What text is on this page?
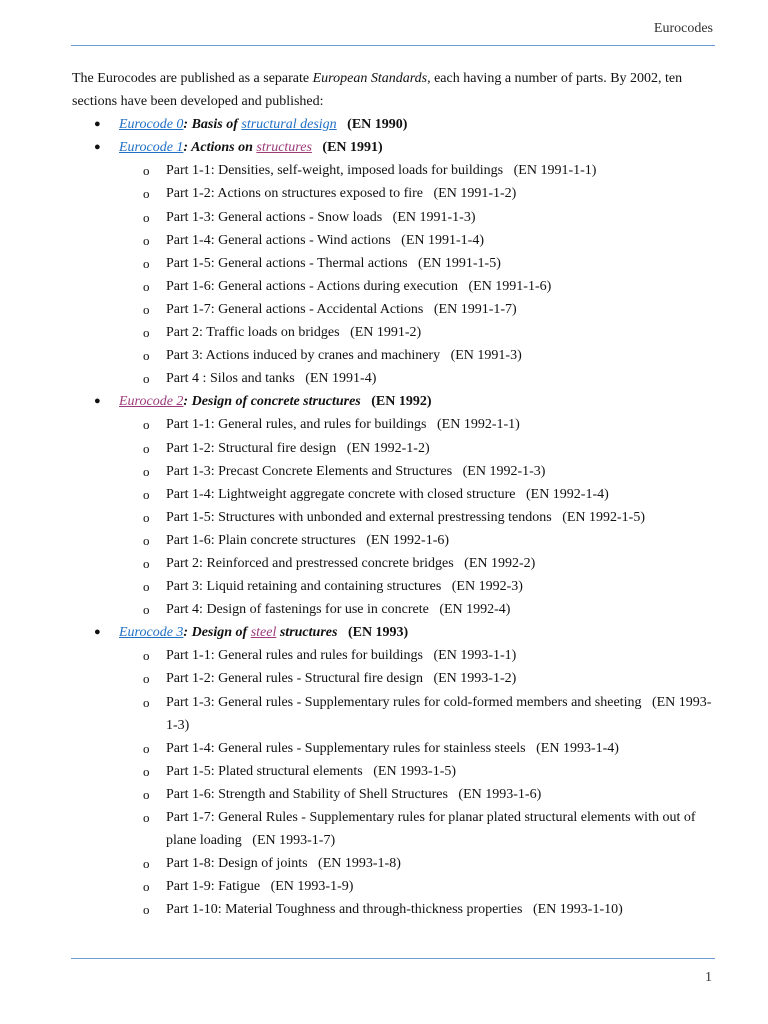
Eurocodes

The Eurocodes are published as a separate European Standards, each having a number of parts. By 2002, ten sections have been developed and published:

● Eurocode 0: Basis of structural design (EN 1990)
● Eurocode 1: Actions on structures (EN 1991)
o Part 1-1: Densities, self-weight, imposed loads for buildings   (EN 1991-1-1)
o Part 1-2: Actions on structures exposed to fire   (EN 1991-1-2)
o Part 1-3: General actions - Snow loads   (EN 1991-1-3)
o Part 1-4: General actions - Wind actions   (EN 1991-1-4)
o Part 1-5: General actions - Thermal actions   (EN 1991-1-5)
o Part 1-6: General actions - Actions during execution   (EN 1991-1-6)
o Part 1-7: General actions - Accidental Actions   (EN 1991-1-7)
o Part 2: Traffic loads on bridges   (EN 1991-2)
o Part 3: Actions induced by cranes and machinery   (EN 1991-3)
o Part 4 : Silos and tanks   (EN 1991-4)
● Eurocode 2: Design of concrete structures (EN 1992)
o Part 1-1: General rules, and rules for buildings   (EN 1992-1-1)
o Part 1-2: Structural fire design   (EN 1992-1-2)
o Part 1-3: Precast Concrete Elements and Structures   (EN 1992-1-3)
o Part 1-4: Lightweight aggregate concrete with closed structure   (EN 1992-1-4)
o Part 1-5: Structures with unbonded and external prestressing tendons   (EN 1992-1-5)
o Part 1-6: Plain concrete structures   (EN 1992-1-6)
o Part 2: Reinforced and prestressed concrete bridges   (EN 1992-2)
o Part 3: Liquid retaining and containing structures   (EN 1992-3)
o Part 4: Design of fastenings for use in concrete   (EN 1992-4)
● Eurocode 3: Design of steel structures (EN 1993)
o Part 1-1: General rules and rules for buildings   (EN 1993-1-1)
o Part 1-2: General rules - Structural fire design   (EN 1993-1-2)
o Part 1-3: General rules - Supplementary rules for cold-formed members and sheeting   (EN 1993-1-3)
o Part 1-4: General rules - Supplementary rules for stainless steels   (EN 1993-1-4)
o Part 1-5: Plated structural elements   (EN 1993-1-5)
o Part 1-6: Strength and Stability of Shell Structures   (EN 1993-1-6)
o Part 1-7: General Rules - Supplementary rules for planar plated structural elements with out of plane loading   (EN 1993-1-7)
o Part 1-8: Design of joints   (EN 1993-1-8)
o Part 1-9: Fatigue   (EN 1993-1-9)
o Part 1-10: Material Toughness and through-thickness properties   (EN 1993-1-10)
1
